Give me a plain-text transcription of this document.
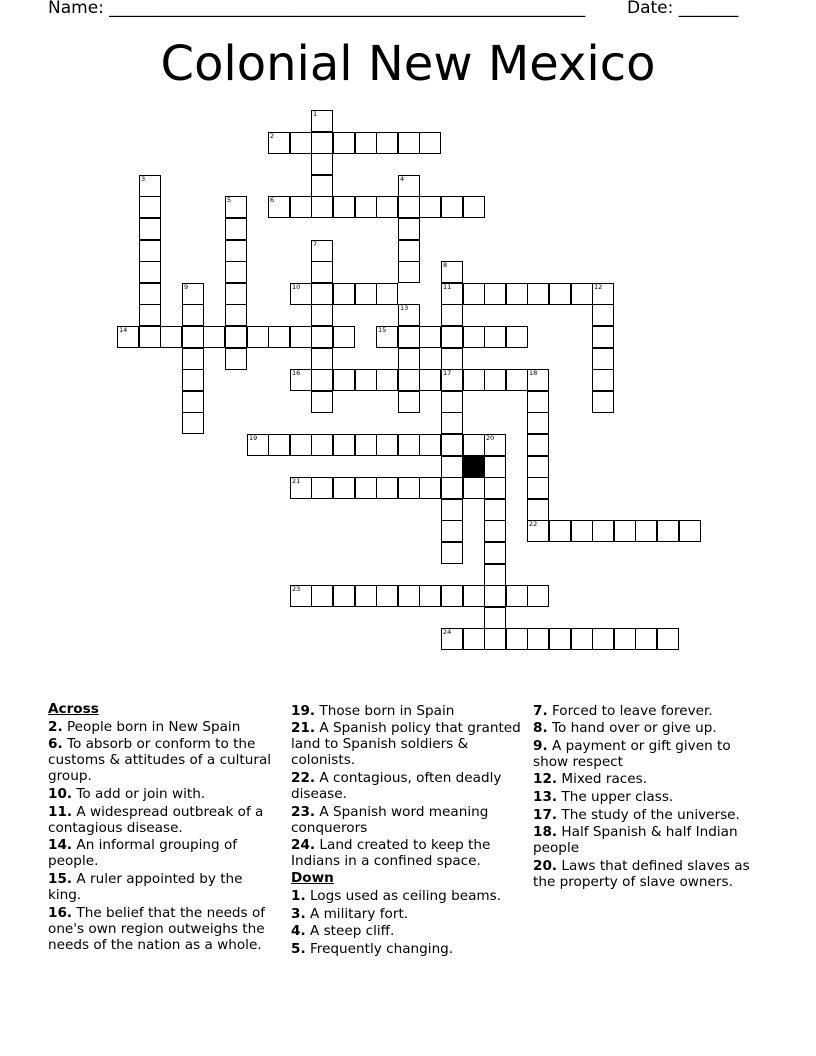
Name: ________________________________________________________ Date: _______
Colonial New Mexico
1
2
3	4
5	6
7
8
9	10	11	12
13
14	15
16	17	18
19	20
21
22
23
24
Across
2. People born in New Spain
6. To absorb or conform to the customs & attitudes of a cultural group.
10. To add or join with.
11. A widespread outbreak of a contagious disease.
14. An informal grouping of people.
15. A ruler appointed by the king.
16. The belief that the needs of one's own region outweighs the needs of the nation as a whole.
19. Those born in Spain
21. A Spanish policy that granted land to Spanish soldiers & colonists.
22. A contagious, often deadly disease.
23. A Spanish word meaning conquerors
24. Land created to keep the Indians in a confined space.
Down
1. Logs used as ceiling beams.
3. A military fort.
4. A steep cliff.
5. Frequently changing.
7. Forced to leave forever.
8. To hand over or give up.
9. A payment or gift given to show respect
12. Mixed races.
13. The upper class.
17. The study of the universe.
18. Half Spanish & half Indian people
20. Laws that defined slaves as the property of slave owners.
